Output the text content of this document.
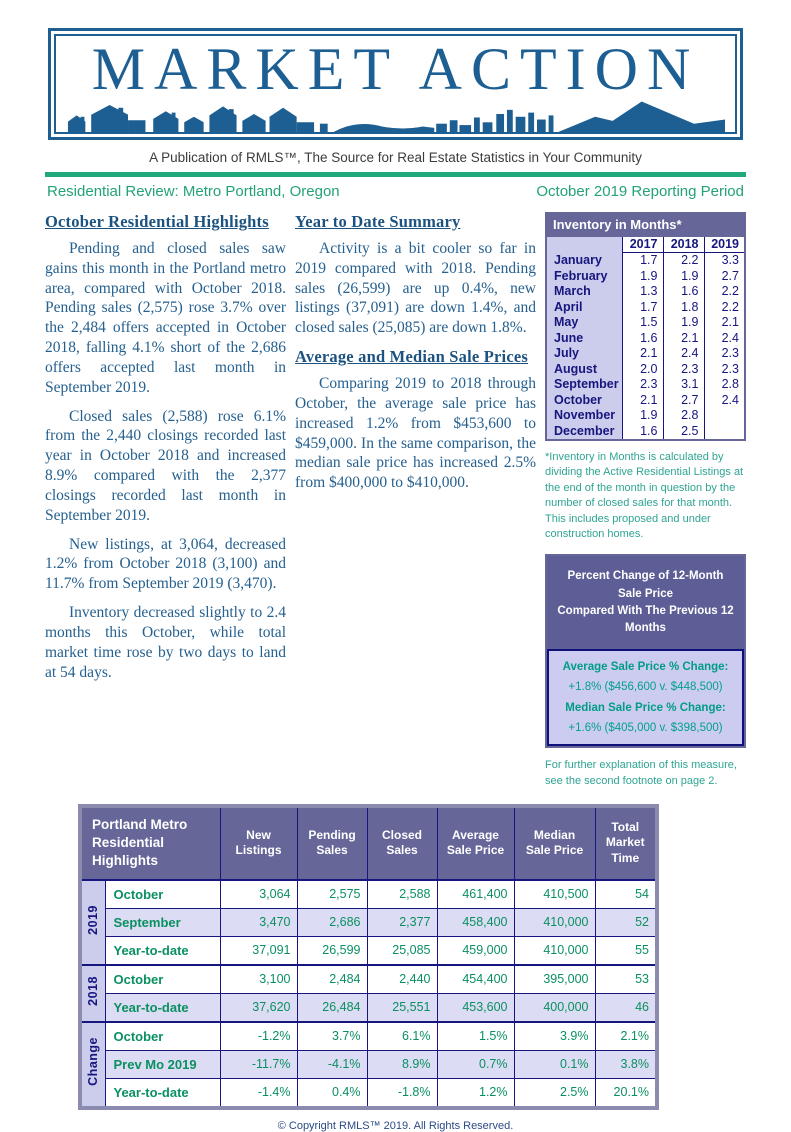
MARKET ACTION
A Publication of RMLS™, The Source for Real Estate Statistics in Your Community
Residential Review: Metro Portland, Oregon	October 2019 Reporting Period
October Residential Highlights

Pending and closed sales saw gains this month in the Portland metro area, compared with October 2018. Pending sales (2,575) rose 3.7% over the 2,484 offers accepted in October 2018, falling 4.1% short of the 2,686 offers accepted last month in September 2019.

Closed sales (2,588) rose 6.1% from the 2,440 closings recorded last year in October 2018 and increased 8.9% compared with the 2,377 closings recorded last month in September 2019.

New listings, at 3,064, decreased 1.2% from October 2018 (3,100) and 11.7% from September 2019 (3,470).

Inventory decreased slightly to 2.4 months this October, while total market time rose by two days to land at 54 days.

Year to Date Summary

Activity is a bit cooler so far in 2019 compared with 2018. Pending sales (26,599) are up 0.4%, new listings (37,091) are down 1.4%, and closed sales (25,085) are down 1.8%.

Average and Median Sale Prices

Comparing 2019 to 2018 through October, the average sale price has increased 1.2% from $453,600 to $459,000. In the same comparison, the median sale price has increased 2.5% from $400,000 to $410,000.

Inventory in Months*			
	2017	2018	2019
January	1.7	2.2	3.3
February	1.9	1.9	2.7
March	1.3	1.6	2.2
April	1.7	1.8	2.2
May	1.5	1.9	2.1
June	1.6	2.1	2.4
July	2.1	2.4	2.3
August	2.0	2.3	2.3
September	2.3	3.1	2.8
October	2.1	2.7	2.4
November	1.9	2.8	
December	1.6	2.5	
*Inventory in Months is calculated by dividing the Active Residential Listings at the end of the month in question by the number of closed sales for that month. This includes proposed and under construction homes.
Percent Change of 12-Month Sale Price
Compared With The Previous 12 Months
Average Sale Price % Change:
+1.8% ($456,600 v. $448,500)
Median Sale Price % Change:
+1.6% ($405,000 v. $398,500)
For further explanation of this measure, see the second footnote on page 2.
Portland Metro Residential Highlights		New Listings	Pending Sales	Closed Sales	Average Sale Price	Median Sale Price	Total Market Time
2019	October	3,064	2,575	2,588	461,400	410,500	54
	September	3,470	2,686	2,377	458,400	410,000	52
	Year-to-date	37,091	26,599	25,085	459,000	410,000	55
2018	October	3,100	2,484	2,440	454,400	395,000	53
	Year-to-date	37,620	26,484	25,551	453,600	400,000	46
Change	October	-1.2%	3.7%	6.1%	1.5%	3.9%	2.1%
	Prev Mo 2019	-11.7%	-4.1%	8.9%	0.7%	0.1%	3.8%
	Year-to-date	-1.4%	0.4%	-1.8%	1.2%	2.5%	20.1%
© Copyright RMLS™ 2019. All Rights Reserved.
